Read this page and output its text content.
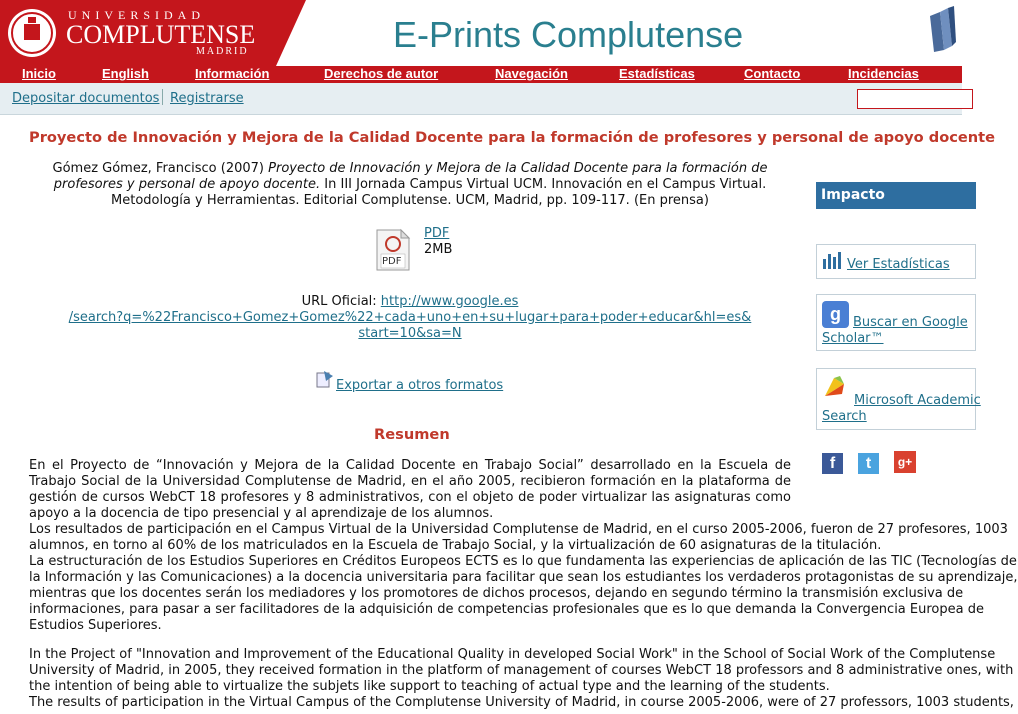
UNIVERSIDAD
COMPLUTENSE
MADRID	E-Prints Complutense
Inicio	English	Información	Derechos de autor	Navegación	Estadísticas	Contacto	Incidencias
Depositar documentos Registrarse
Proyecto de Innovación y Mejora de la Calidad Docente para la formación de profesores y personal de apoyo docente
Gómez Gómez, Francisco (2007) Proyecto de Innovación y Mejora de la Calidad Docente para la formación de profesores y personal de apoyo docente. In III Jornada Campus Virtual UCM. Innovación en el Campus Virtual. Metodología y Herramientas. Editorial Complutense. UCM, Madrid, pp. 109-117. (En prensa)
PDF
PDF
2MB
URL Oficial: http://www.google.es
/search?q=%22Francisco+Gomez+Gomez%22+cada+uno+en+su+lugar+para+poder+educar&hl=es&
start=10&sa=N
Exportar a otros formatos
Resumen
En el Proyecto de “Innovación y Mejora de la Calidad Docente en Trabajo Social” desarrollado en la Escuela de Trabajo Social de la Universidad Complutense de Madrid, en el año 2005, recibieron formación en la plataforma de gestión de cursos WebCT 18 profesores y 8 administrativos, con el objeto de poder virtualizar las asignaturas como apoyo a la docencia de tipo presencial y al aprendizaje de los alumnos.
Los resultados de participación en el Campus Virtual de la Universidad Complutense de Madrid, en el curso 2005-2006, fueron de 27 profesores, 1003
alumnos, en torno al 60% de los matriculados en la Escuela de Trabajo Social, y la virtualización de 60 asignaturas de la titulación.
La estructuración de los Estudios Superiores en Créditos Europeos ECTS es lo que fundamenta las experiencias de aplicación de las TIC (Tecnologías de
la Información y las Comunicaciones) a la docencia universitaria para facilitar que sean los estudiantes los verdaderos protagonistas de su aprendizaje,
mientras que los docentes serán los mediadores y los promotores de dichos procesos, dejando en segundo término la transmisión exclusiva de
informaciones, para pasar a ser facilitadores de la adquisición de competencias profesionales que es lo que demanda la Convergencia Europea de
Estudios Superiores.
In the Project of "Innovation and Improvement of the Educational Quality in developed Social Work" in the School of Social Work of the Complutense
University of Madrid, in 2005, they received formation in the platform of management of courses WebCT 18 professors and 8 administrative ones, with
the intention of being able to virtualize the subjets like support to teaching of actual type and the learning of the students.
The results of participation in the Virtual Campus of the Complutense University of Madrid, in course 2005-2006, were of 27 professors, 1003 students,
Impacto
Ver Estadísticas
g Buscar en Google
Scholar™
Microsoft Academic
Search
f	t	g+
